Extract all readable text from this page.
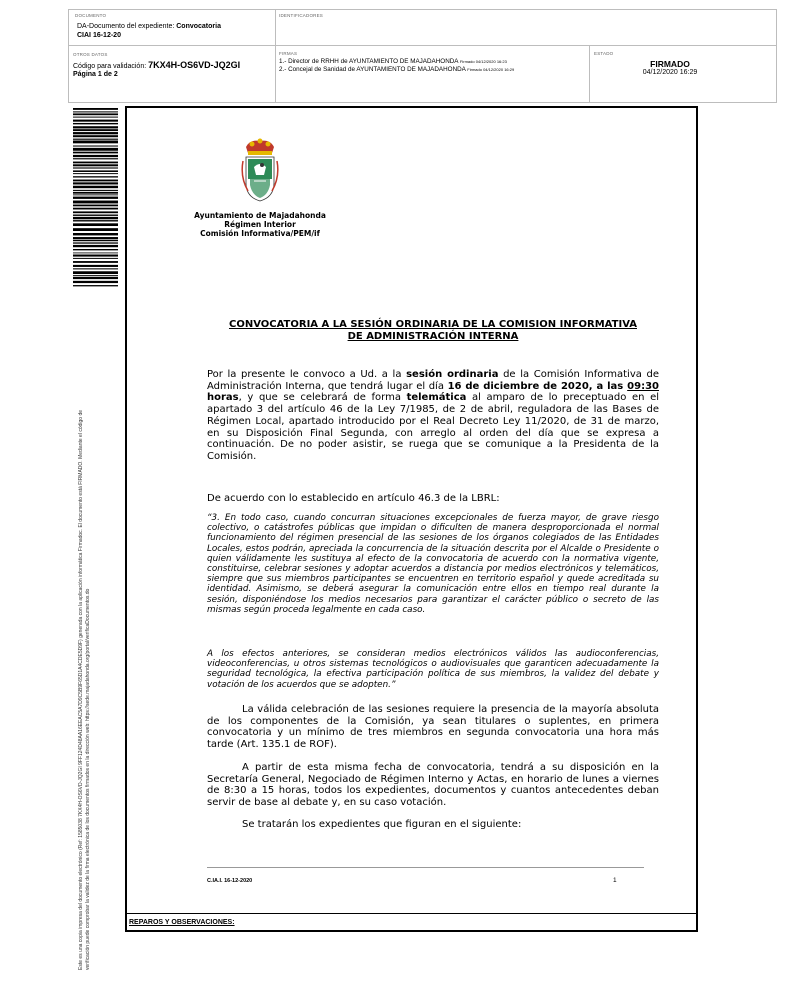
DOCUMENTO
DA-Documento del expediente: Convocatoria
CIAI 16-12-20
IDENTIFICADORES
OTROS DATOS
Código para validación: 7KX4H-OS6VD-JQ2GI
Página 1 de 2
FIRMAS
1.- Director de RRHH de AYUNTAMIENTO DE MAJADAHONDA Firmado 04/12/2020 16:23
2.- Concejal de Sanidad de AYUNTAMIENTO DE MAJADAHONDA Firmado 04/12/2020 16:29
ESTADO
FIRMADO
04/12/2020 16:29
Este es una copia impresa del documento electrónico (Ref: 1585038 7KX4H-OS6VD-JQ2GI 9FF124D48AA16EEAC5A7D9C5B9F65D1A4CDE5D9F) generada con la aplicación informática Firmadoc. El documento está FIRMADO. Mediante el código de verificación puede comprobar la validez de la firma electrónica de los documentos firmados en la dirección web: https://sede.majadahonda.org/portal/verificaDocumentos.do
Ayuntamiento de Majadahonda
Régimen Interior
Comisión Informativa/PEM/if
CONVOCATORIA A LA SESIÓN ORDINARIA DE LA COMISION INFORMATIVA
DE ADMINISTRACIÓN INTERNA
Por la presente le convoco a Ud. a la sesión ordinaria de la Comisión Informativa de Administración Interna, que tendrá lugar el día 16 de diciembre de 2020, a las 09:30 horas, y que se celebrará de forma telemática al amparo de lo preceptuado en el apartado 3 del artículo 46 de la Ley 7/1985, de 2 de abril, reguladora de las Bases de Régimen Local, apartado introducido por el Real Decreto Ley 11/2020, de 31 de marzo, en su Disposición Final Segunda, con arreglo al orden del día que se expresa a continuación. De no poder asistir, se ruega que se comunique a la Presidenta de la Comisión.
De acuerdo con lo establecido en artículo 46.3 de la LBRL:
“3. En todo caso, cuando concurran situaciones excepcionales de fuerza mayor, de grave riesgo colectivo, o catástrofes públicas que impidan o dificulten de manera desproporcionada el normal funcionamiento del régimen presencial de las sesiones de los órganos colegiados de las Entidades Locales, estos podrán, apreciada la concurrencia de la situación descrita por el Alcalde o Presidente o quien válidamente les sustituya al efecto de la convocatoria de acuerdo con la normativa vigente, constituirse, celebrar sesiones y adoptar acuerdos a distancia por medios electrónicos y telemáticos, siempre que sus miembros participantes se encuentren en territorio español y quede acreditada su identidad. Asimismo, se deberá asegurar la comunicación entre ellos en tiempo real durante la sesión, disponiéndose los medios necesarios para garantizar el carácter público o secreto de las mismas según proceda legalmente en cada caso.
A los efectos anteriores, se consideran medios electrónicos válidos las audioconferencias, videoconferencias, u otros sistemas tecnológicos o audiovisuales que garanticen adecuadamente la seguridad tecnológica, la efectiva participación política de sus miembros, la validez del debate y votación de los acuerdos que se adopten.”
La válida celebración de las sesiones requiere la presencia de la mayoría absoluta de los componentes de la Comisión, ya sean titulares o suplentes, en primera convocatoria y un mínimo de tres miembros en segunda convocatoria una hora más tarde (Art. 135.1 de ROF).
A partir de esta misma fecha de convocatoria, tendrá a su disposición en la Secretaría General, Negociado de Régimen Interno y Actas, en horario de lunes a viernes de 8:30 a 15 horas, todos los expedientes, documentos y cuantos antecedentes deban servir de base al debate y, en su caso votación.
Se tratarán los expedientes que figuran en el siguiente:
C.IA.I. 16-12-2020	1
REPAROS Y OBSERVACIONES:
